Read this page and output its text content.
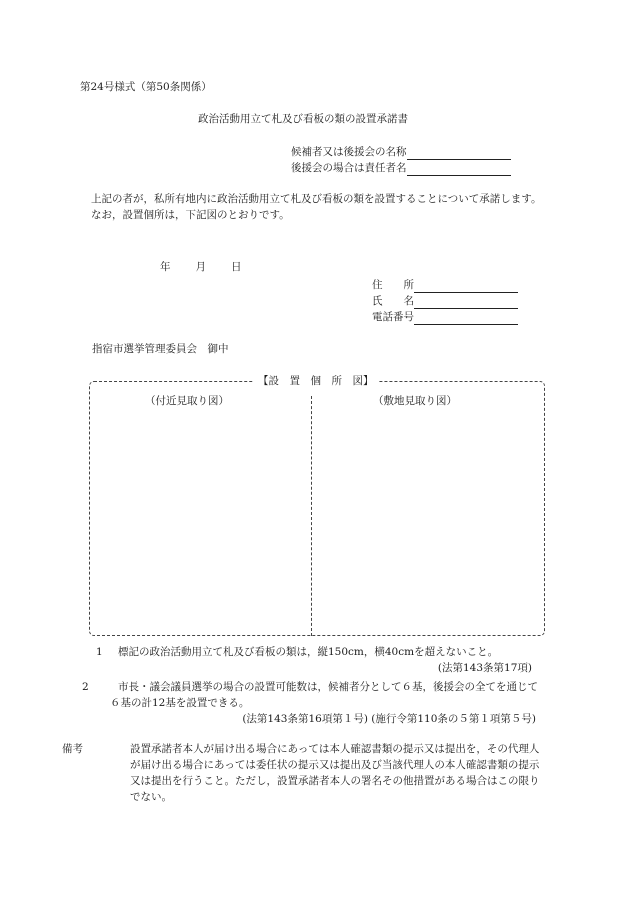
第24号様式（第50条関係）
政治活動用立て札及び看板の類の設置承諾書
候補者又は後援会の名称
後援会の場合は責任者名
上記の者が，私所有地内に政治活動用立て札及び看板の類を設置することについて承諾します。
なお，設置個所は，下記図のとおりです。
年 月 日
住　　所
氏　　名
電話番号
指宿市選挙管理委員会　御中
【設　置　個　所　図】
（付近見取り図）	（敷地見取り図）
1 標記の政治活動用立て札及び看板の類は，縦150cm，横40cmを超えないこと。
(法第143条第17項)
2	市長・議会議員選挙の場合の設置可能数は，候補者分として６基，後援会の全てを通じて６基の計12基を設置できる。
(法第143条第16項第１号) (施行令第110条の５第１項第５号)
備考	設置承諾者本人が届け出る場合にあっては本人確認書類の提示又は提出を，その代理人が届け出る場合にあっては委任状の提示又は提出及び当該代理人の本人確認書類の提示又は提出を行うこと。ただし，設置承諾者本人の署名その他措置がある場合はこの限りでない。
